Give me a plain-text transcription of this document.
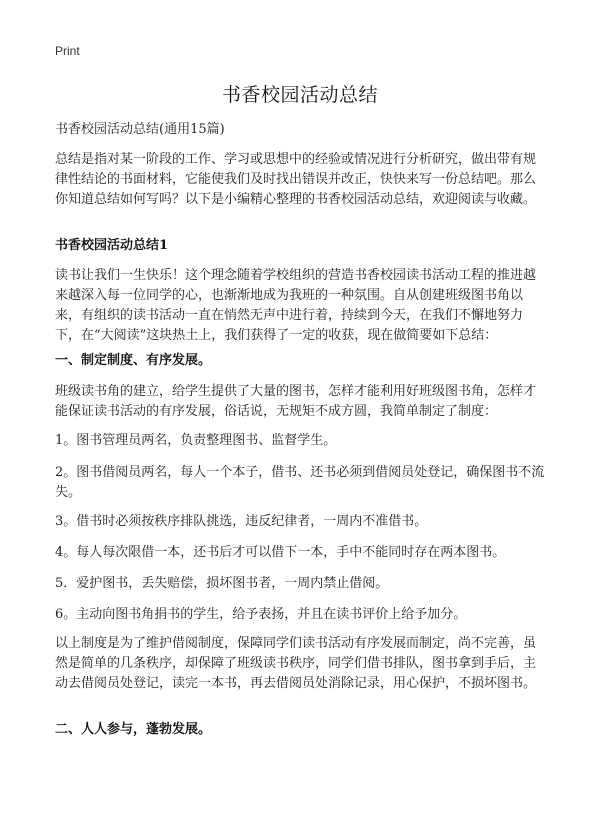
Print
书香校园活动总结

书香校园活动总结(通用15篇)

总结是指对某一阶段的工作、学习或思想中的经验或情况进行分析研究，做出带有规律性结论的书面材料，它能使我们及时找出错误并改正，快快来写一份总结吧。那么你知道总结如何写吗？以下是小编精心整理的书香校园活动总结，欢迎阅读与收藏。

书香校园活动总结1

读书让我们一生快乐！这个理念随着学校组织的营造书香校园读书活动工程的推进越来越深入每一位同学的心，也渐渐地成为我班的一种氛围。自从创建班级图书角以来，有组织的读书活动一直在悄然无声中进行着，持续到今天，在我们不懈地努力下，在“大阅读”这块热土上，我们获得了一定的收获，现在做简要如下总结：

一、制定制度、有序发展。

班级读书角的建立，给学生提供了大量的图书，怎样才能利用好班级图书角，怎样才能保证读书活动的有序发展，俗话说，无规矩不成方圆，我简单制定了制度：

1。图书管理员两名，负责整理图书、监督学生。

2。图书借阅员两名，每人一个本子，借书、还书必须到借阅员处登记，确保图书不流失。

3。借书时必须按秩序排队挑选，违反纪律者，一周内不准借书。

4。每人每次限借一本，还书后才可以借下一本，手中不能同时存在两本图书。

5．爱护图书，丢失赔偿，损坏图书者，一周内禁止借阅。

6。主动向图书角捐书的学生，给予表扬，并且在读书评价上给予加分。

以上制度是为了维护借阅制度，保障同学们读书活动有序发展而制定，尚不完善，虽然是简单的几条秩序，却保障了班级读书秩序，同学们借书排队，图书拿到手后，主动去借阅员处登记，读完一本书，再去借阅员处消除记录，用心保护，不损坏图书。

二、人人参与，蓬勃发展。
